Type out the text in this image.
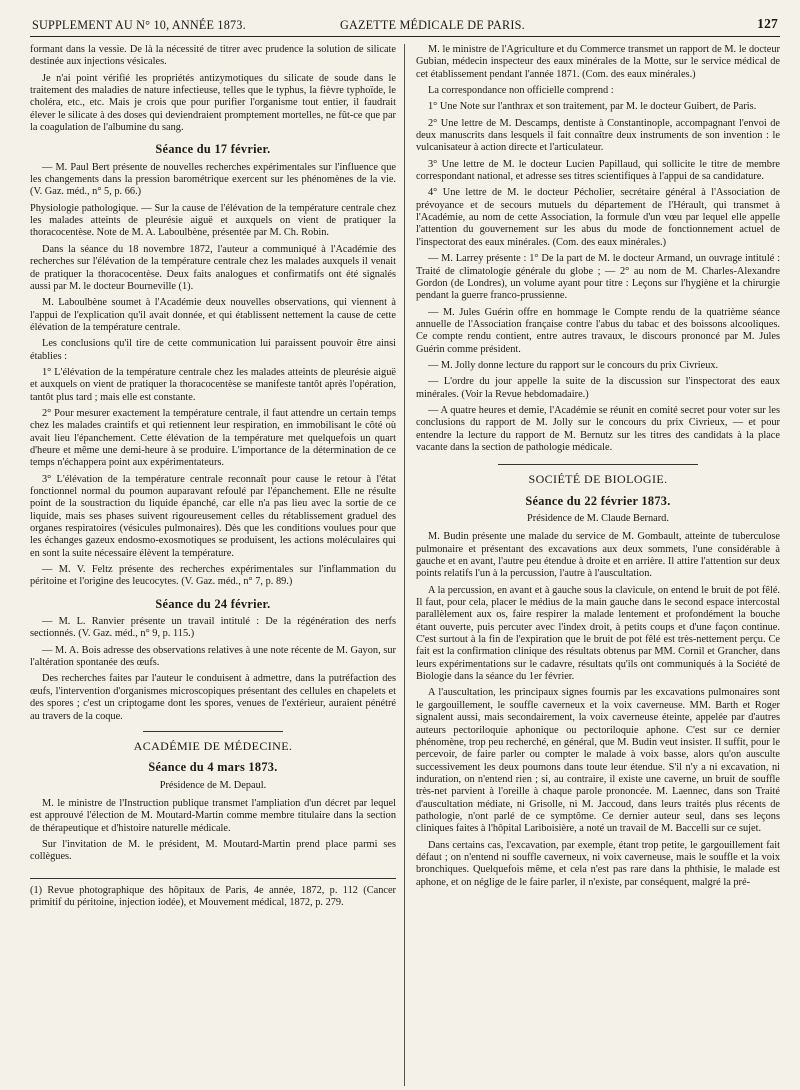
SUPPLEMENT AU N° 10, ANNÉE 1873.	GAZETTE MÉDICALE DE PARIS.	127

formant dans la vessie. De là la nécessité de titrer avec prudence la solution de silicate destinée aux injections vésicales.

Je n'ai point vérifié les propriétés antizymotiques du silicate de soude dans le traitement des maladies de nature infectieuse, telles que le typhus, la fièvre typhoïde, le choléra, etc., etc. Mais je crois que pour purifier l'organisme tout entier, il faudrait élever le silicate à des doses qui deviendraient promptement mortelles, ne fût-ce que par la coagulation de l'albumine du sang.

Séance du 17 février.

— M. Paul Bert présente de nouvelles recherches expérimentales sur l'influence que les changements dans la pression barométrique exercent sur les phénomènes de la vie. (V. Gaz. méd., n° 5, p. 66.)

Physiologie pathologique. — Sur la cause de l'élévation de la température centrale chez les malades atteints de pleurésie aiguë et auxquels on vient de pratiquer la thoracocentèse. Note de M. A. Laboulbène, présentée par M. Ch. Robin.

Dans la séance du 18 novembre 1872, l'auteur a communiqué à l'Académie des recherches sur l'élévation de la température centrale chez les malades auxquels il venait de pratiquer la thoracocentèse. Deux faits analogues et confirmatifs ont été signalés aussi par M. le docteur Bourneville (1).

M. Laboulbène soumet à l'Académie deux nouvelles observations, qui viennent à l'appui de l'explication qu'il avait donnée, et qui établissent nettement la cause de cette élévation de la température centrale.

Les conclusions qu'il tire de cette communication lui paraissent pouvoir être ainsi établies :

1° L'élévation de la température centrale chez les malades atteints de pleurésie aiguë et auxquels on vient de pratiquer la thoracocentèse se manifeste tantôt après l'opération, tantôt plus tard ; mais elle est constante.

2° Pour mesurer exactement la température centrale, il faut attendre un certain temps chez les malades craintifs et qui retiennent leur respiration, en immobilisant le côté où avait lieu l'épanchement. Cette élévation de la température met quelquefois un quart d'heure et même une demi-heure à se produire. L'importance de la détermination de ce temps n'échappera point aux expérimentateurs.

3° L'élévation de la température centrale reconnaît pour cause le retour à l'état fonctionnel normal du poumon auparavant refoulé par l'épanchement. Elle ne résulte point de la soustraction du liquide épanché, car elle n'a pas lieu avec la sortie de ce liquide, mais ses phases suivent rigoureusement celles du rétablissement graduel des organes respiratoires (vésicules pulmonaires). Dès que les conditions voulues pour que les échanges gazeux endosmo-exosmotiques se produisent, les actions moléculaires qui en sont la suite nécessaire élèvent la température.

— M. V. Feltz présente des recherches expérimentales sur l'inflammation du péritoine et l'origine des leucocytes. (V. Gaz. méd., n° 7, p. 89.)

Séance du 24 février.

— M. L. Ranvier présente un travail intitulé : De la régénération des nerfs sectionnés. (V. Gaz. méd., n° 9, p. 115.)

— M. A. Bois adresse des observations relatives à une note récente de M. Gayon, sur l'altération spontanée des œufs.

Des recherches faites par l'auteur le conduisent à admettre, dans la putréfaction des œufs, l'intervention d'organismes microscopiques présentant des cellules en chapelets et des spores ; c'est un criptogame dont les spores, venues de l'extérieur, auraient pénétré au travers de la coque.

ACADÉMIE DE MÉDECINE.
Séance du 4 mars 1873.
Présidence de M. Depaul.

M. le ministre de l'Instruction publique transmet l'ampliation d'un décret par lequel est approuvé l'élection de M. Moutard-Martin comme membre titulaire dans la section de thérapeutique et d'histoire naturelle médicale.

Sur l'invitation de M. le président, M. Moutard-Martin prend place parmi ses collègues.

(1) Revue photographique des hôpitaux de Paris, 4e année, 1872, p. 112 (Cancer primitif du péritoine, injection iodée), et Mouvement médical, 1872, p. 279.

M. le ministre de l'Agriculture et du Commerce transmet un rapport de M. le docteur Gubian, médecin inspecteur des eaux minérales de la Motte, sur le service médical de cet établissement pendant l'année 1871. (Com. des eaux minérales.)

La correspondance non officielle comprend :

1° Une Note sur l'anthrax et son traitement, par M. le docteur Guibert, de Paris.

2° Une lettre de M. Descamps, dentiste à Constantinople, accompagnant l'envoi de deux manuscrits dans lesquels il fait connaître deux instruments de son invention : le vulcanisateur à action directe et l'articulateur.

3° Une lettre de M. le docteur Lucien Papillaud, qui sollicite le titre de membre correspondant national, et adresse ses titres scientifiques à l'appui de sa candidature.

4° Une lettre de M. le docteur Pécholier, secrétaire général à l'Association de prévoyance et de secours mutuels du département de l'Hérault, qui transmet à l'Académie, au nom de cette Association, la formule d'un vœu par lequel elle appelle l'attention du gouvernement sur les abus du mode de fonctionnement actuel de l'inspectorat des eaux minérales. (Com. des eaux minérales.)

— M. Larrey présente : 1° De la part de M. le docteur Armand, un ouvrage intitulé : Traité de climatologie générale du globe ; — 2° au nom de M. Charles-Alexandre Gordon (de Londres), un volume ayant pour titre : Leçons sur l'hygiène et la chirurgie pendant la guerre franco-prussienne.

— M. Jules Guérin offre en hommage le Compte rendu de la quatrième séance annuelle de l'Association française contre l'abus du tabac et des boissons alcooliques. Ce compte rendu contient, entre autres travaux, le discours prononcé par M. Jules Guérin comme président.

— M. Jolly donne lecture du rapport sur le concours du prix Civrieux.

— L'ordre du jour appelle la suite de la discussion sur l'inspectorat des eaux minérales. (Voir la Revue hebdomadaire.)

— A quatre heures et demie, l'Académie se réunit en comité secret pour voter sur les conclusions du rapport de M. Jolly sur le concours du prix Civrieux, — et pour entendre la lecture du rapport de M. Bernutz sur les titres des candidats à la place vacante dans la section de pathologie médicale.

SOCIÉTÉ DE BIOLOGIE.
Séance du 22 février 1873.
Présidence de M. Claude Bernard.

M. Budin présente une malade du service de M. Gombault, atteinte de tuberculose pulmonaire et présentant des excavations aux deux sommets, l'une considérable à gauche et en avant, l'autre peu étendue à droite et en arrière. Il attire l'attention sur deux points relatifs l'un à la percussion, l'autre à l'auscultation.

A la percussion, en avant et à gauche sous la clavicule, on entend le bruit de pot fêlé. Il faut, pour cela, placer le médius de la main gauche dans le second espace intercostal parallèlement aux os, faire respirer la malade lentement et profondément la bouche étant ouverte, puis percuter avec l'index droit, à petits coups et d'une façon continue. C'est surtout à la fin de l'expiration que le bruit de pot fêlé est très-nettement perçu. Ce fait est la confirmation clinique des résultats obtenus par MM. Cornil et Grancher, dans leurs expérimentations sur le cadavre, résultats qu'ils ont communiqués à la Société de Biologie dans la séance du 1er février.

A l'auscultation, les principaux signes fournis par les excavations pulmonaires sont le gargouillement, le souffle caverneux et la voix caverneuse. MM. Barth et Roger signalent aussi, mais secondairement, la voix caverneuse éteinte, appelée par d'autres auteurs pectoriloquie aphonique ou pectoriloquie aphone. C'est sur ce dernier phénomène, trop peu recherché, en général, que M. Budin veut insister. Il suffit, pour le percevoir, de faire parler ou compter le malade à voix basse, alors qu'on ausculte successivement les deux poumons dans toute leur étendue. S'il n'y a ni excavation, ni induration, on n'entend rien ; si, au contraire, il existe une caverne, un bruit de souffle très-net parvient à l'oreille à chaque parole prononcée. M. Laennec, dans son Traité d'auscultation médiate, ni Grisolle, ni M. Jaccoud, dans leurs traités plus récents de pathologie, n'ont parlé de ce symptôme. Ce dernier auteur seul, dans ses leçons cliniques faites à l'hôpital Lariboisière, a noté un travail de M. Baccelli sur ce sujet.

Dans certains cas, l'excavation, par exemple, étant trop petite, le gargouillement fait défaut ; on n'entend ni souffle caverneux, ni voix caverneuse, mais le souffle et la voix bronchiques. Quelquefois même, et cela n'est pas rare dans la phthisie, le malade est aphone, et on néglige de le faire parler, il n'existe, par conséquent, malgré la pré-
